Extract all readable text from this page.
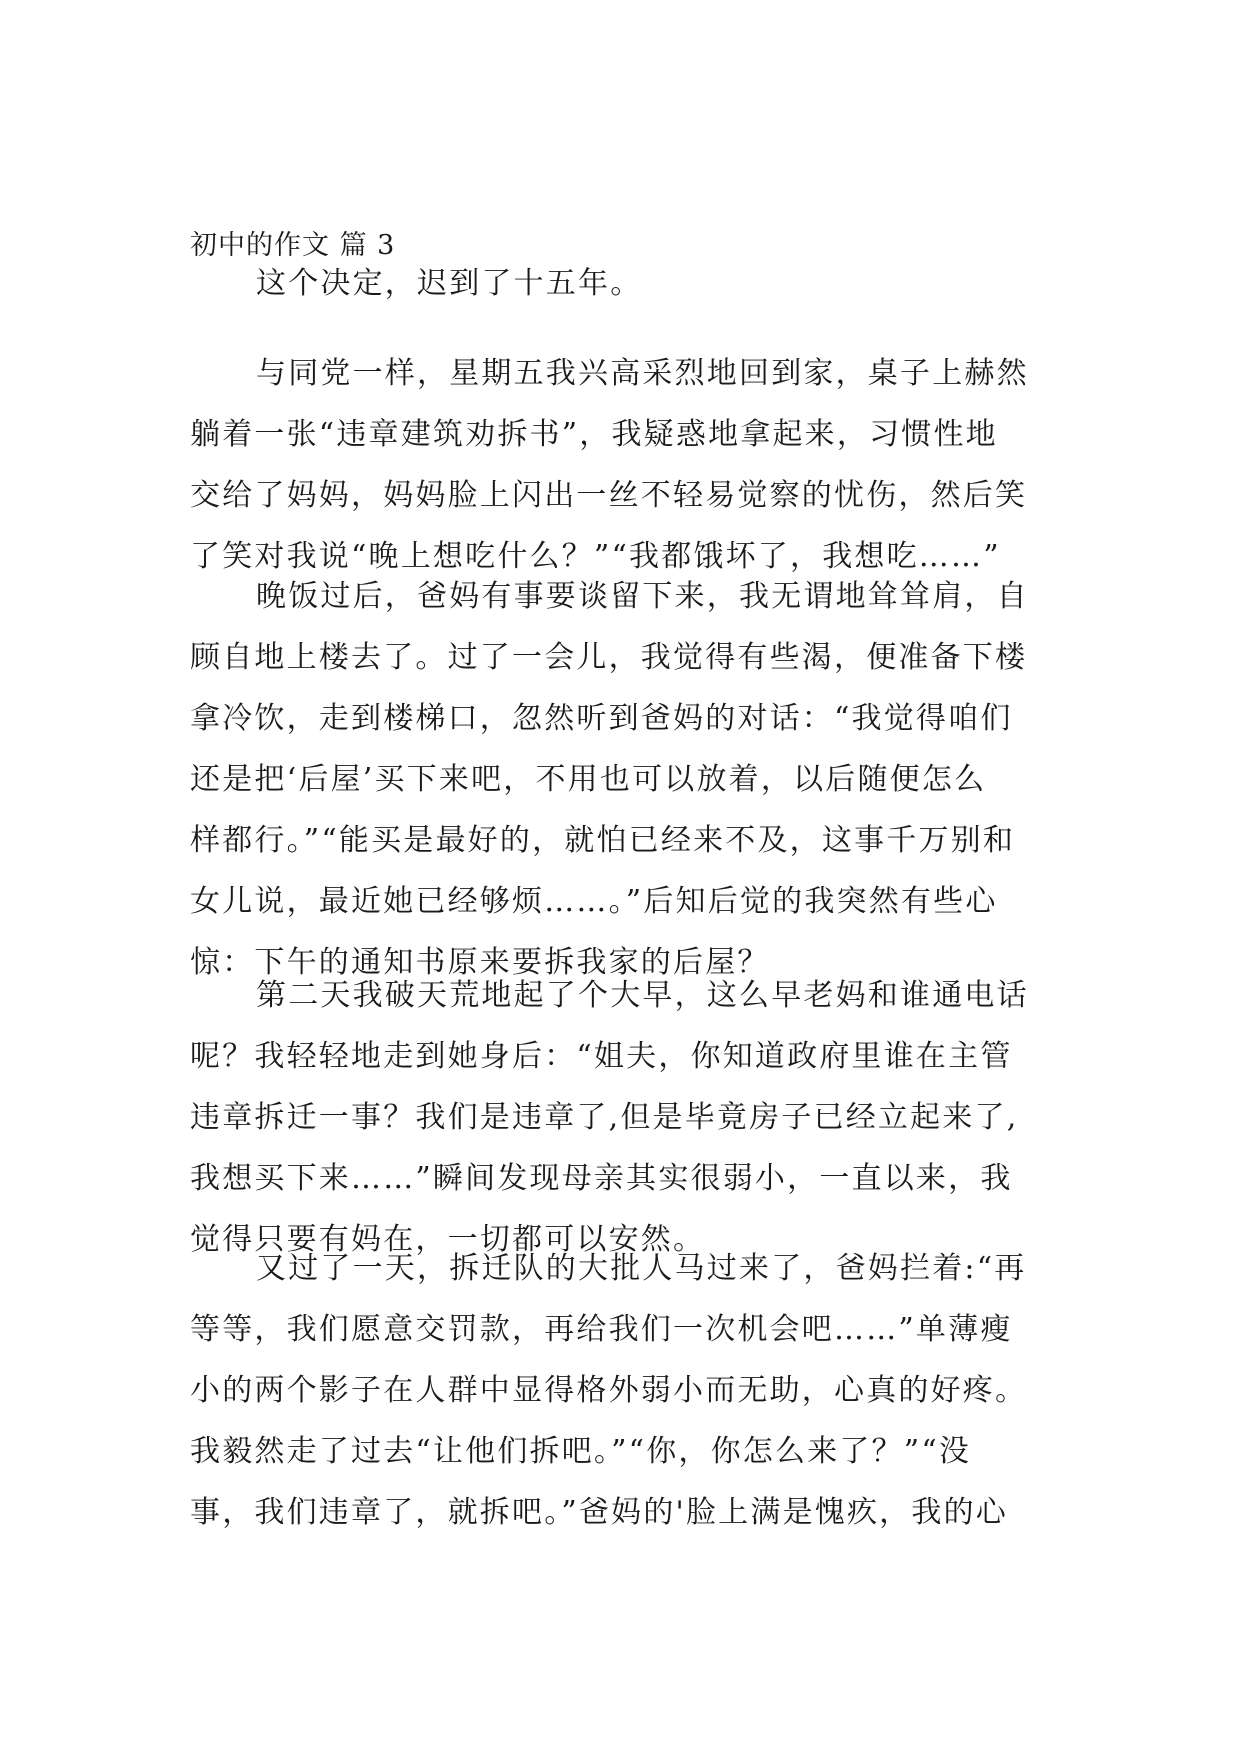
初中的作文 篇 3

这个决定，迟到了十五年。

与同党一样，星期五我兴高采烈地回到家，桌子上赫然
躺着一张“违章建筑劝拆书”，我疑惑地拿起来，习惯性地
交给了妈妈，妈妈脸上闪出一丝不轻易觉察的忧伤，然后笑
了笑对我说“晚上想吃什么？”“我都饿坏了，我想吃……”

晚饭过后，爸妈有事要谈留下来，我无谓地耸耸肩，自
顾自地上楼去了。过了一会儿，我觉得有些渴，便准备下楼
拿冷饮，走到楼梯口，忽然听到爸妈的对话：“我觉得咱们
还是把‘后屋’买下来吧，不用也可以放着，以后随便怎么
样都行。”“能买是最好的，就怕已经来不及，这事千万别和
女儿说，最近她已经够烦……。”后知后觉的我突然有些心
惊：下午的通知书原来要拆我家的后屋？

第二天我破天荒地起了个大早，这么早老妈和谁通电话
呢？我轻轻地走到她身后：“姐夫，你知道政府里谁在主管
违章拆迁一事？我们是违章了,但是毕竟房子已经立起来了,
我想买下来……”瞬间发现母亲其实很弱小，一直以来，我
觉得只要有妈在，一切都可以安然。

又过了一天，拆迁队的大批人马过来了，爸妈拦着:“再
等等，我们愿意交罚款，再给我们一次机会吧……”单薄瘦
小的两个影子在人群中显得格外弱小而无助，心真的好疼。
我毅然走了过去“让他们拆吧。”“你，你怎么来了？”“没
事，我们违章了，就拆吧。”爸妈的'脸上满是愧疚，我的心
